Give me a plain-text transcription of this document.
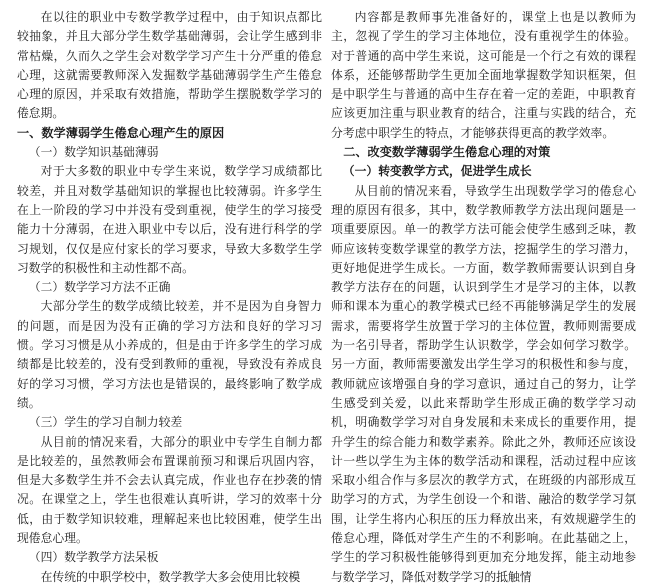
在以往的职业中专数学教学过程中，由于知识点都比较抽象，并且大部分学生数学基础薄弱，会让学生感到非常枯燥，久而久之学生会对数学学习产生十分严重的倦怠心理，这就需要教师深入发掘数学基础薄弱学生产生倦怠心理的原因，并采取有效措施，帮助学生摆脱数学学习的倦怠期。

一、数学薄弱学生倦怠心理产生的原因

（一）数学知识基础薄弱

对于大多数的职业中专学生来说，数学学习成绩都比较差，并且对数学基础知识的掌握也比较薄弱。许多学生在上一阶段的学习中并没有受到重视，使学生的学习接受能力十分薄弱，在进入职业中专以后，没有进行科学的学习规划，仅仅是应付家长的学习要求，导致大多数学生学习数学的积极性和主动性都不高。

（二）数学学习方法不正确

大部分学生的数学成绩比较差，并不是因为自身智力的问题，而是因为没有正确的学习方法和良好的学习习惯。学习习惯是从小养成的，但是由于许多学生的学习成绩都是比较差的，没有受到教师的重视，导致没有养成良好的学习习惯，学习方法也是错误的，最终影响了数学成绩。

（三）学生的学习自制力较差

从目前的情况来看，大部分的职业中专学生自制力都是比较差的，虽然教师会布置课前预习和课后巩固内容，但是大多数学生并不会去认真完成，作业也存在抄袭的情况。在课堂之上，学生也很难认真听讲，学习的效率十分低，由于数学知识较难，理解起来也比较困难，使学生出现倦怠心理。

（四）数学教学方法呆板

在传统的中职学校中，数学教学大多会使用比较模

内容都是教师事先准备好的，课堂上也是以教师为主，忽视了学生的学习主体地位，没有重视学生的体验。对于普通的高中学生来说，这可能是一个行之有效的课程体系，还能够帮助学生更加全面地掌握数学知识框架，但是中职学生与普通的高中生存在着一定的差距，中职教育应该更加注重与职业教育的结合，注重与实践的结合，充分考虑中职学生的特点，才能够获得更高的教学效率。

二、改变数学薄弱学生倦怠心理的对策

（一）转变教学方式，促进学生成长

从目前的情况来看，导致学生出现数学学习的倦怠心理的原因有很多，其中，数学教师教学方法出现问题是一项重要原因。单一的教学方法可能会使学生感到乏味，教师应该转变数学课堂的教学方法，挖掘学生的学习潜力，更好地促进学生成长。一方面，数学教师需要认识到自身教学方法存在的问题，认识到学生才是学习的主体，以教师和课本为重心的教学模式已经不再能够满足学生的发展需求，需要将学生放置于学习的主体位置，教师则需要成为一名引导者，帮助学生认识数学，学会如何学习数学。另一方面，教师需要激发出学生学习的积极性和参与度，教师就应该增强自身的学习意识，通过自己的努力，让学生感受到关爱，以此来帮助学生形成正确的数学学习动机，明确数学学习对自身发展和未来成长的重要作用，提升学生的综合能力和数学素养。除此之外，教师还应该设计一些以学生为主体的数学活动和课程，活动过程中应该采取小组合作与多层次的教学方式，在班级的内部形成互助学习的方式，为学生创设一个和谐、融洽的数学学习氛围，让学生将内心积压的压力释放出来，有效规避学生的倦怠心理，降低对学生产生的不利影响。在此基础之上，学生的学习积极性能够得到更加充分地发挥，能主动地参与数学学习，降低对数学学习的抵触情
